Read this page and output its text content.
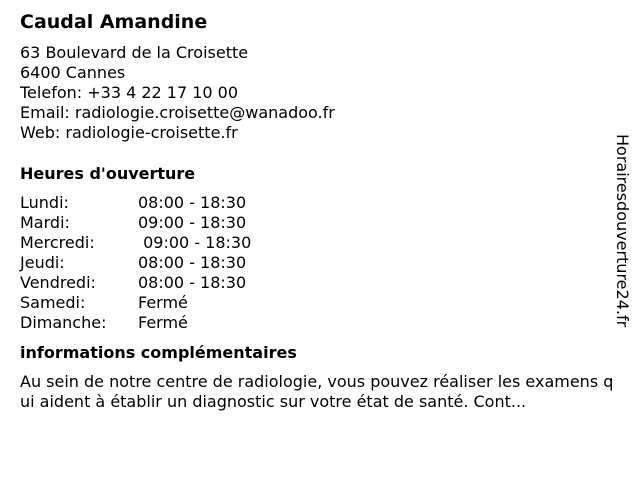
Caudal Amandine
63 Boulevard de la Croisette
6400 Cannes
Telefon: +33 4 22 17 10 00
Email: radiologie.croisette@wanadoo.fr
Web: radiologie-croisette.fr
Heures d'ouverture
Lundi:	08:00 - 18:30
Mardi:	09:00 - 18:30
Mercredi:	09:00 - 18:30
Jeudi:	08:00 - 18:30
Vendredi:	08:00 - 18:30
Samedi:	Fermé
Dimanche:	Fermé
informations complémentaires
Au sein de notre centre de radiologie, vous pouvez réaliser les examens qui aident à établir un diagnostic sur votre état de santé. Cont...
Horairesdouverture24.fr
